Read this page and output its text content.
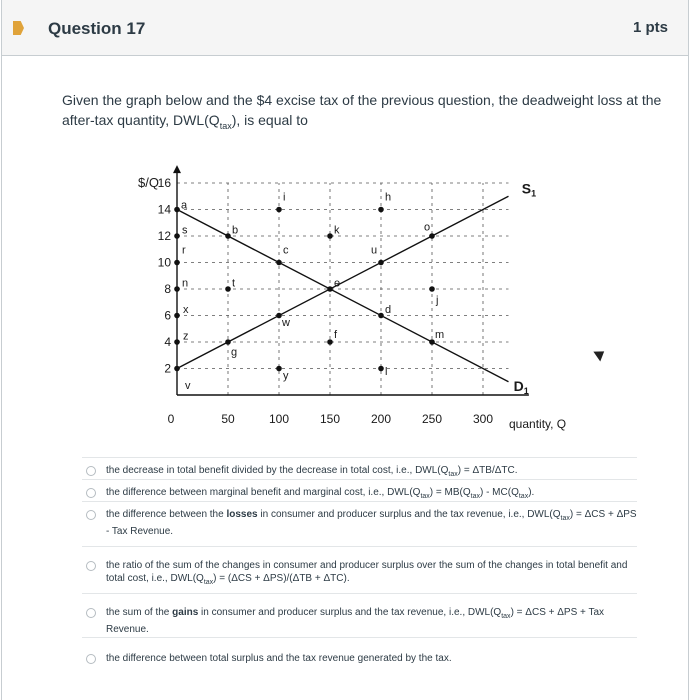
Question 17	1 pts
Given the graph below and the $4 excise tax of the previous question, the deadweight loss at the after-tax quantity, $DWL(Q_{tax})$, is equal to
$/Q
quantity, Q
2
4
6
8
10
12
14
16
0	50	100	150	200	250	300
$S_1$
$D_1$
a
s
r
n
x
z
v
b
t
g
i
c
w
y
k
e
f
h
u
d
l
o
j
m
the decrease in total benefit divided by the decrease in total cost, i.e., $DWL(Q_{tax}) = \Delta TB/\Delta TC$.
the difference between marginal benefit and marginal cost, i.e., $DWL(Q_{tax}) = MB(Q_{tax}) - MC(Q_{tax})$.
the difference between the losses in consumer and producer surplus and the tax revenue, i.e., $DWL(Q_{tax}) = \Delta CS + \Delta PS$ - Tax Revenue.
the ratio of the sum of the changes in consumer and producer surplus over the sum of the changes in total benefit and total cost, i.e., $DWL(Q_{tax}) = (\Delta CS + \Delta PS)/(\Delta TB + \Delta TC)$.
the sum of the gains in consumer and producer surplus and the tax revenue, i.e., $DWL(Q_{tax}) = \Delta CS + \Delta PS$ + Tax Revenue.
the difference between total surplus and the tax revenue generated by the tax.
